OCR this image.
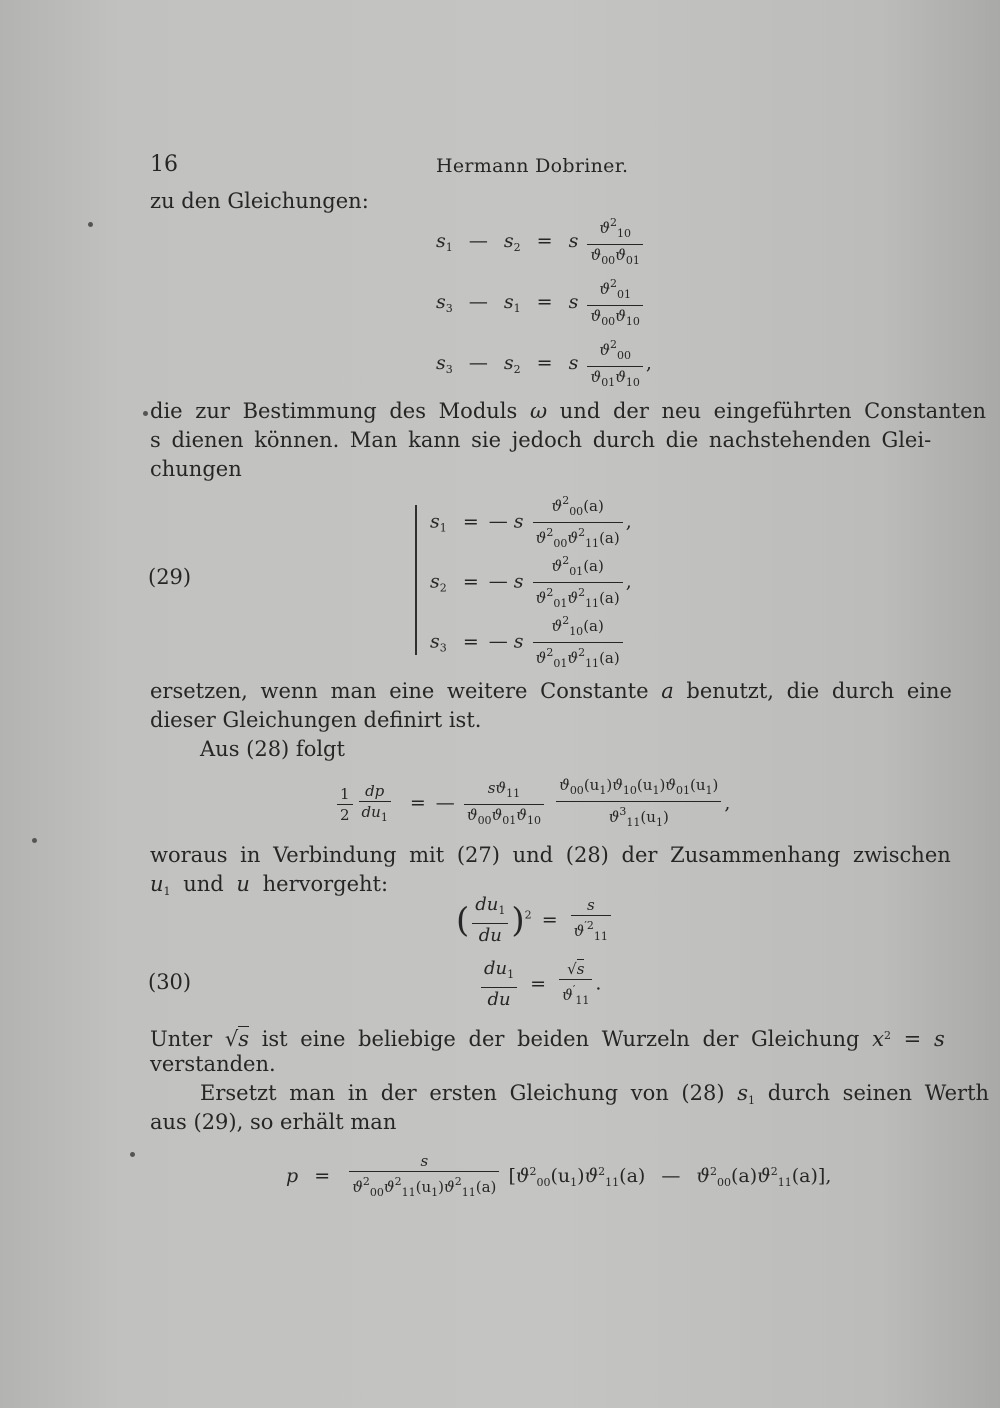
16	Hermann Dobriner.
zu den Gleichungen:
$s_1$ — $s_2 = s \frac{ϑ^2_{10}}{ϑ_{00}ϑ_{01}}$
$s_3$ — $s_1 = s \frac{ϑ^2_{01}}{ϑ_{00}ϑ_{10}}$
$s_3$ — $s_2 = s \frac{ϑ^2_{00}}{ϑ_{01}ϑ_{10}}$ ,
die zur Bestimmung des Moduls ω und der neu eingeführten Constanten
s dienen können. Man kann sie jedoch durch die nachstehenden Glei-
chungen
(29)
$s_1$ = — s $\frac{ϑ^2_{00}(a)}{ϑ^2_{00}ϑ^2_{11}(a)}$ ,
$s_2$ = — s $\frac{ϑ^2_{01}(a)}{ϑ^2_{01}ϑ^2_{11}(a)}$ ,
$s_3$ = — s $\frac{ϑ^2_{10}(a)}{ϑ^2_{01}ϑ^2_{11}(a)}$
ersetzen, wenn man eine weitere Constante a benutzt, die durch eine
dieser Gleichungen definirt ist.
Aus (28) folgt
$\frac{1}{2} \frac{dp}{du_1}$ = — $\frac{sϑ_{11}}{ϑ_{00}ϑ_{01}ϑ_{10}}$
$\frac{ϑ_{00}(u_1)ϑ_{10}(u_1)ϑ_{01}(u_1)}{ϑ^3_{11}(u_1)}$ ,
woraus in Verbindung mit (27) und (28) der Zusammenhang zwischen
$u_1$ und u hervorgeht:
( $\frac{du_1}{du} )^2 = \frac{s}{ϑ^{'2}_{11}}$
(30)	$\frac{du_1}{du} = \frac{√s}{ϑ'_{11}}$ .
Unter √s ist eine beliebige der beiden Wurzeln der Gleichung $x^2 = s$
verstanden.
Ersetzt man in der ersten Gleichung von (28) $s_1$ durch seinen Werth
aus (29), so erhält man
$p = \frac{s}{ϑ^2_{00}ϑ^2_{11}(u_1)ϑ^2_{11}(a)} [ϑ^2_{00}(u_1)ϑ^2_{11}(a)$ — $ϑ^2_{00}(a)ϑ^2_{11}(a)$],
